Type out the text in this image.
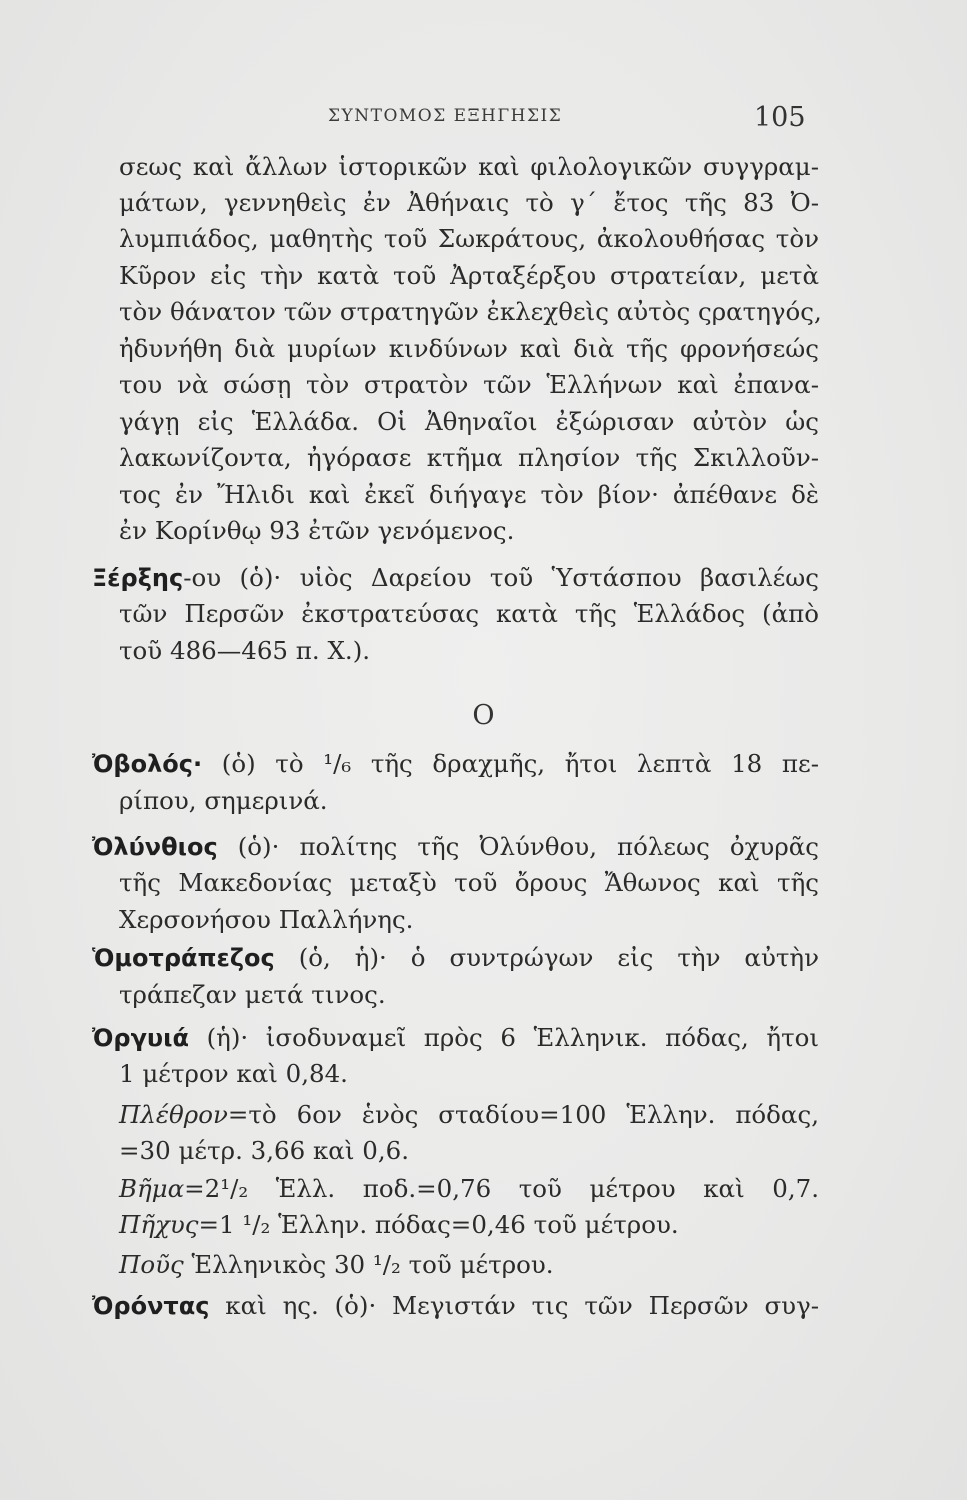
ΣΥΝΤΟΜΟΣ ΕΞΗΓΗΣΙΣ	105
σεως καὶ ἄλλων ἱστορικῶν καὶ φιλολογικῶν συγγραμ-
μάτων, γεννηθεὶς ἐν Ἀθήναις τὸ γ´ ἔτος τῆς 83 Ὀ-
λυμπιάδος, μαθητὴς τοῦ Σωκράτους, ἀκολουθήσας τὸν
Κῦρον εἰς τὴν κατὰ τοῦ Ἀρταξέρξου στρατείαν, μετὰ
τὸν θάνατον τῶν στρατηγῶν ἐκλεχθεὶς αὐτὸς ςρατηγός,
ἠδυνήθη διὰ μυρίων κινδύνων καὶ διὰ τῆς φρονήσεώς
του νὰ σώσῃ τὸν στρατὸν τῶν Ἑλλήνων καὶ ἐπανα-
γάγῃ εἰς Ἑλλάδα. Οἱ Ἀθηναῖοι ἐξώρισαν αὐτὸν ὡς
λακωνίζοντα, ἠγόρασε κτῆμα πλησίον τῆς Σκιλλοῦν-
τος ἐν Ἤλιδι καὶ ἐκεῖ διήγαγε τὸν βίον· ἀπέθανε δὲ
ἐν Κορίνθῳ 93 ἐτῶν γενόμενος.
Ξέρξης-ου (ὁ)· υἱὸς Δαρείου τοῦ Ὑστάσπου βασιλέως
τῶν Περσῶν ἐκστρατεύσας κατὰ τῆς Ἑλλάδος (ἀπὸ
τοῦ 486—465 π. Χ.).
Ο
Ὀβολός· (ὁ) τὸ ¹/₆ τῆς δραχμῆς, ἤτοι λεπτὰ 18 πε-
ρίπου, σημερινά.
Ὀλύνθιος (ὁ)· πολίτης τῆς Ὀλύνθου, πόλεως ὀχυρᾶς
τῆς Μακεδονίας μεταξὺ τοῦ ὄρους Ἄθωνος καὶ τῆς
Χερσονήσου Παλλήνης.
Ὁμοτράπεζος (ὁ, ἡ)· ὁ συντρώγων εἰς τὴν αὐτὴν
τράπεζαν μετά τινος.
Ὀργυιά (ἡ)· ἰσοδυναμεῖ πρὸς 6 Ἑλληνικ. πόδας, ἤτοι
1 μέτρον καὶ 0,84.
Πλέθρον=τὸ 6ον ἑνὸς σταδίου=100 Ἑλλην. πόδας,
=30 μέτρ. 3,66 καὶ 0,6.
Βῆμα=2¹/₂ Ἑλλ. ποδ.=0,76 τοῦ μέτρου καὶ 0,7.
Πῆχυς=1 ¹/₂ Ἑλλην. πόδας=0,46 τοῦ μέτρου.
Ποῦς Ἑλληνικὸς 30 ¹/₂ τοῦ μέτρου.
Ὀρόντας καὶ ης. (ὁ)· Μεγιστάν τις τῶν Περσῶν συγ-
